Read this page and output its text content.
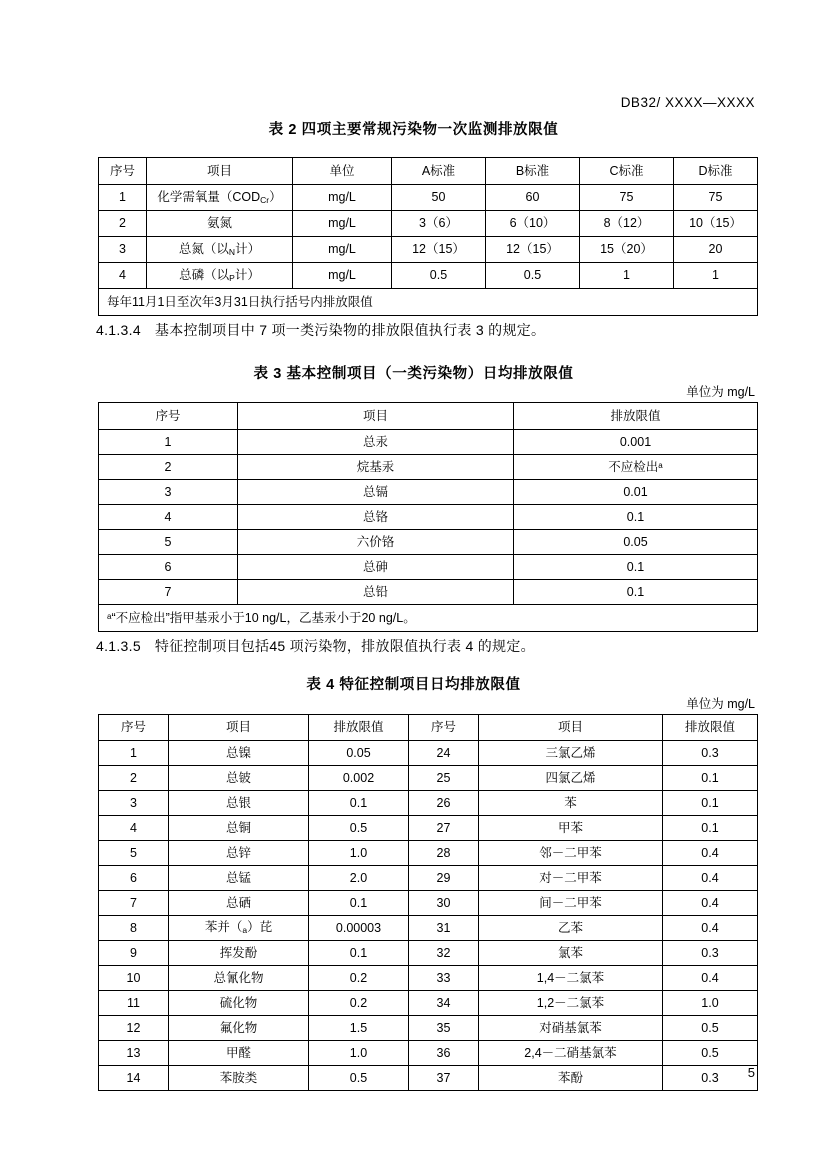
DB32/ XXXX—XXXX
表 2 四项主要常规污染物一次监测排放限值
序号	项目	单位	A标准	B标准	C标准	D标准
1	化学需氧量$(COD_{Cr})$	mg/L	50	60	75	75
2	氨氮	mg/L	3（6）	6（10）	8（12）	10（15）
3	总氮（以$_N$计）	mg/L	12（15）	12（15）	15（20）	20
4	总磷（以$_P$计）	mg/L	0.5	0.5	1	1
每年11月1日至次年3月31日执行括号内排放限值						
4.1.3.4 基本控制项目中 7 项一类污染物的排放限值执行表 3 的规定。
表 3 基本控制项目（一类污染物）日均排放限值
单位为 mg/L
序号	项目	排放限值
1	总汞	0.001
2	烷基汞	不应检出$^a$
3	总镉	0.01
4	总铬	0.1
5	六价铬	0.05
6	总砷	0.1
7	总铅	0.1
$^a$“不应检出”指甲基汞小于10 ng/L，乙基汞小于20 ng/L。		
4.1.3.5 特征控制项目包括45 项污染物，排放限值执行表 4 的规定。
表 4 特征控制项目日均排放限值
单位为 mg/L
序号	项目	排放限值	序号	项目	排放限值
1	总镍	0.05	24	三氯乙烯	0.3
2	总铍	0.002	25	四氯乙烯	0.1
3	总银	0.1	26	苯	0.1
4	总铜	0.5	27	甲苯	0.1
5	总锌	1.0	28	邻－二甲苯	0.4
6	总锰	2.0	29	对－二甲苯	0.4
7	总硒	0.1	30	间－二甲苯	0.4
8	苯并$(_a)$芘	0.00003	31	乙苯	0.4
9	挥发酚	0.1	32	氯苯	0.3
10	总氰化物	0.2	33	1,4－二氯苯	0.4
11	硫化物	0.2	34	1,2－二氯苯	1.0
12	氟化物	1.5	35	对硝基氯苯	0.5
13	甲醛	1.0	36	2,4－二硝基氯苯	0.5
14	苯胺类	0.5	37	苯酚	0.3 5
